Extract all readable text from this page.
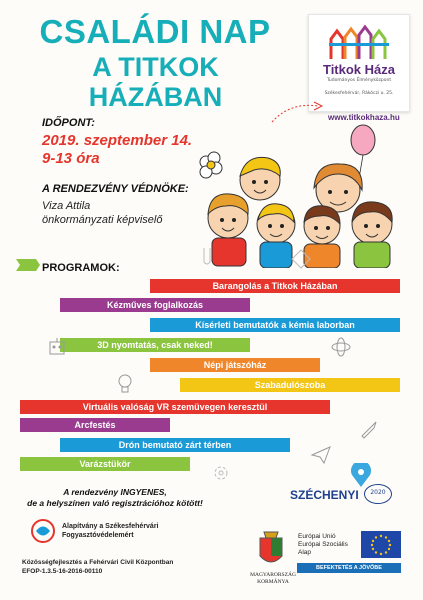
CSALÁDI NAP
A TITKOK HÁZÁBAN
Titkok Háza
Tudományos Élményközpont
Székesfehérvár, Rákóczi u. 25.
www.titkokhaza.hu
IDŐPONT:
2019. szeptember 14.
9-13 óra
A RENDEZVÉNY VÉDNÖKE:
Viza Attila
önkormányzati képviselő
PROGRAMOK:
Barangolás a Titkok Házában
Kézműves foglalkozás
Kísérleti bemutatók a kémia laborban
3D nyomtatás, csak neked!
Népi játszóház
Szabadulószoba
Virtuális valóság VR szemüvegen keresztül
Arcfestés
Drón bemutató zárt térben
Varázstükör
A rendezvény INGYENES,
de a helyszínen való regisztrációhoz kötött!
Alapítvány a Székesfehérvári
Fogyasztóvédelemért
Közösségfejlesztés a Fehérvári Civil Központban
EFOP-1.3.5-16-2016-00110
SZÉCHENYI	2020
MAGYARORSZÁG
KORMÁNYA
Európai Unió
Európai Szociális
Alap
BEFEKTETÉS A JÖVŐBE
